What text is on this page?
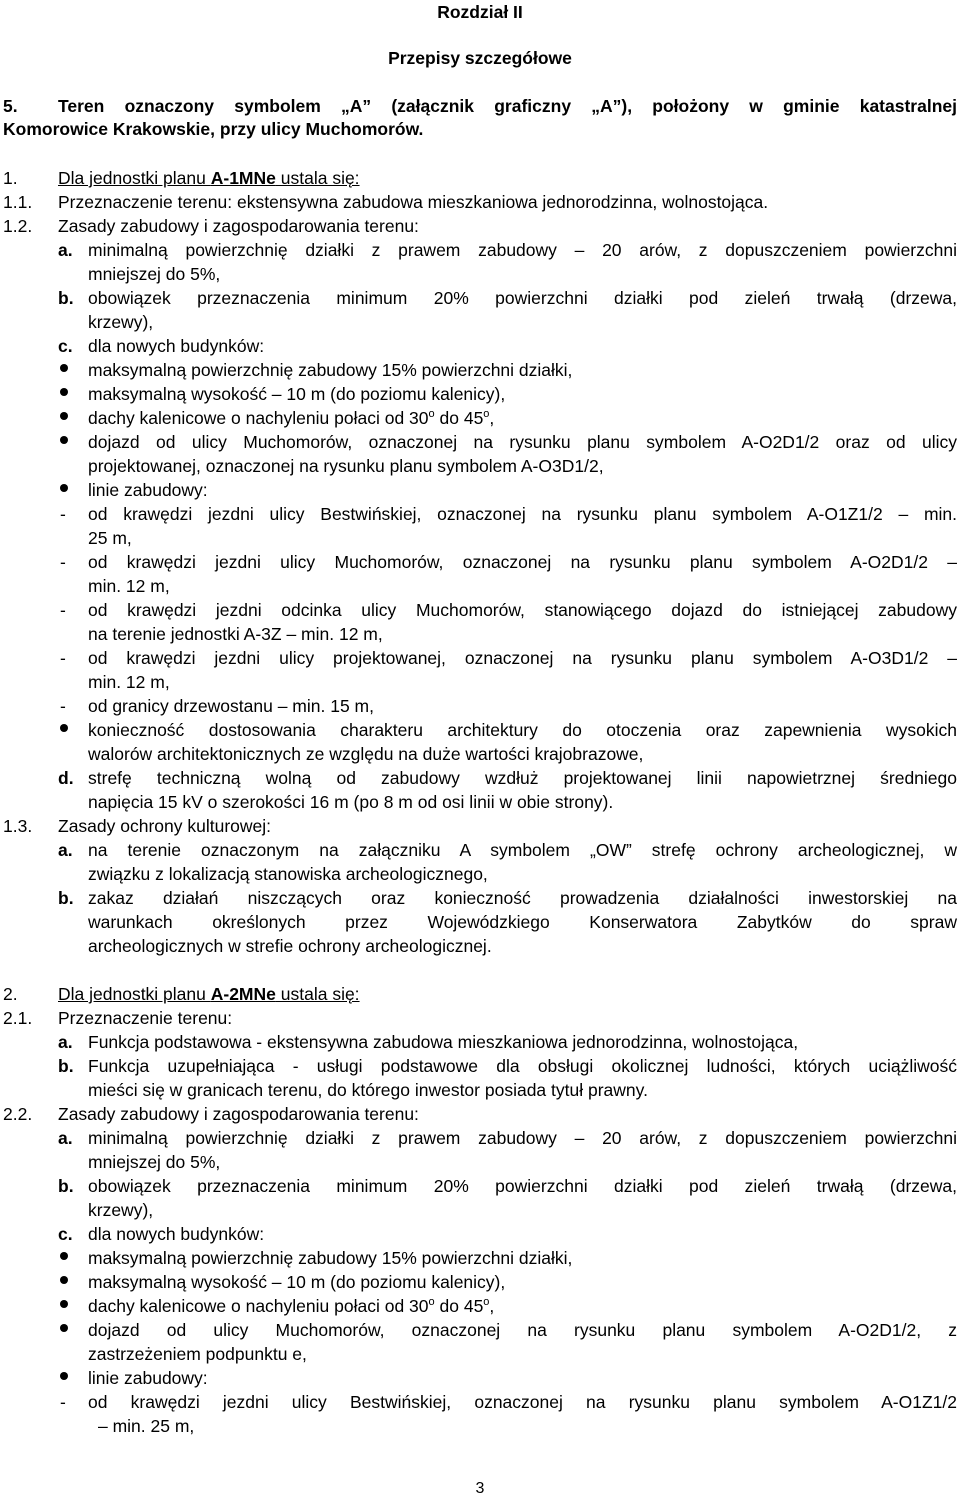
Rozdział II
Przepisy szczegółowe
5. Teren oznaczony symbolem „A” (załącznik graficzny „A”), położony w gminie katastralnej
Komorowice Krakowskie, przy ulicy Muchomorów.
1. Dla jednostki planu A-1MNe ustala się:
1.1. Przeznaczenie terenu: ekstensywna zabudowa mieszkaniowa jednorodzinna, wolnostojąca.
1.2. Zasady zabudowy i zagospodarowania terenu:
a. minimalną powierzchnię działki z prawem zabudowy – 20 arów, z dopuszczeniem powierzchni
mniejszej do 5%,
b. obowiązek przeznaczenia minimum 20% powierzchni działki pod zieleń trwałą (drzewa,
krzewy),
c. dla nowych budynków:
maksymalną powierzchnię zabudowy 15% powierzchni działki,
maksymalną wysokość – 10 m (do poziomu kalenicy),
dachy kalenicowe o nachyleniu połaci od 30$^o$ do 45$^o$,
dojazd od ulicy Muchomorów, oznaczonej na rysunku planu symbolem A-O2D1/2 oraz od ulicy
projektowanej, oznaczonej na rysunku planu symbolem A-O3D1/2,
linie zabudowy:
- od krawędzi jezdni ulicy Bestwińskiej, oznaczonej na rysunku planu symbolem A-O1Z1/2 – min.
25 m,
- od krawędzi jezdni ulicy Muchomorów, oznaczonej na rysunku planu symbolem A-O2D1/2 –
min. 12 m,
- od krawędzi jezdni odcinka ulicy Muchomorów, stanowiącego dojazd do istniejącej zabudowy
na terenie jednostki A-3Z – min. 12 m,
- od krawędzi jezdni ulicy projektowanej, oznaczonej na rysunku planu symbolem A-O3D1/2 –
min. 12 m,
- od granicy drzewostanu – min. 15 m,
konieczność dostosowania charakteru architektury do otoczenia oraz zapewnienia wysokich
walorów architektonicznych ze względu na duże wartości krajobrazowe,
d. strefę techniczną wolną od zabudowy wzdłuż projektowanej linii napowietrznej średniego
napięcia 15 kV o szerokości 16 m (po 8 m od osi linii w obie strony).
1.3. Zasady ochrony kulturowej:
a. na terenie oznaczonym na załączniku A symbolem „OW” strefę ochrony archeologicznej, w
związku z lokalizacją stanowiska archeologicznego,
b. zakaz działań niszczących oraz konieczność prowadzenia działalności inwestorskiej na
warunkach określonych przez Wojewódzkiego Konserwatora Zabytków do spraw
archeologicznych w strefie ochrony archeologicznej.
2. Dla jednostki planu A-2MNe ustala się:
2.1. Przeznaczenie terenu:
a. Funkcja podstawowa - ekstensywna zabudowa mieszkaniowa jednorodzinna, wolnostojąca,
b. Funkcja uzupełniająca - usługi podstawowe dla obsługi okolicznej ludności, których uciążliwość
mieści się w granicach terenu, do którego inwestor posiada tytuł prawny.
2.2. Zasady zabudowy i zagospodarowania terenu:
a. minimalną powierzchnię działki z prawem zabudowy – 20 arów, z dopuszczeniem powierzchni
mniejszej do 5%,
b. obowiązek przeznaczenia minimum 20% powierzchni działki pod zieleń trwałą (drzewa,
krzewy),
c. dla nowych budynków:
maksymalną powierzchnię zabudowy 15% powierzchni działki,
maksymalną wysokość – 10 m (do poziomu kalenicy),
dachy kalenicowe o nachyleniu połaci od 30$^o$ do 45$^o$,
dojazd od ulicy Muchomorów, oznaczonej na rysunku planu symbolem A-O2D1/2, z
zastrzeżeniem podpunktu e,
linie zabudowy:
- od krawędzi jezdni ulicy Bestwińskiej, oznaczonej na rysunku planu symbolem A-O1Z1/2
– min. 25 m,
3
